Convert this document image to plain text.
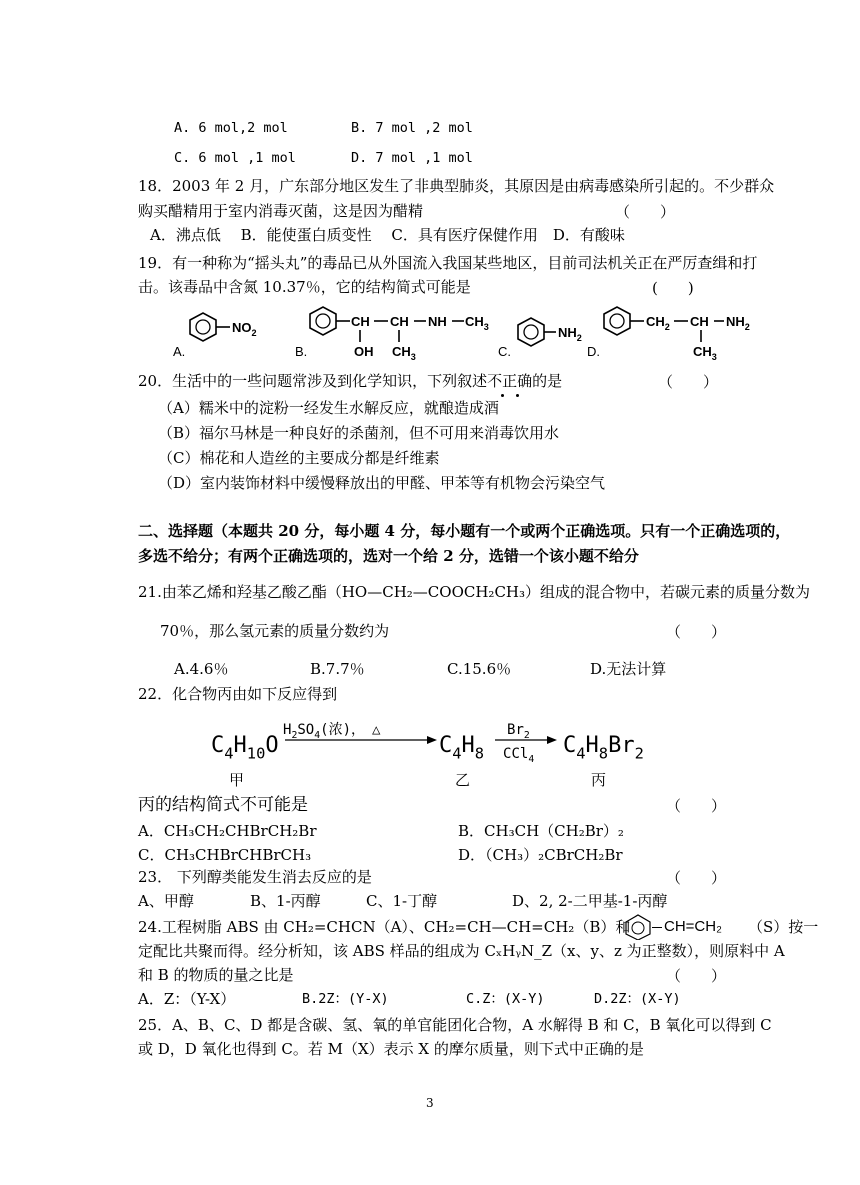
A. 6 mol,2 mol	B. 7 mol ,2 mol
C. 6 mol ,1 mol	D. 7 mol ,1 mol
18．2003 年 2 月，广东部分地区发生了非典型肺炎，其原因是由病毒感染所引起的。不少群众
购买醋精用于室内消毒灭菌，这是因为醋精	（　　）
A．沸点低　 B．能使蛋白质变性　 C．具有医疗保健作用　D．有酸味
19．有一种称为“摇头丸”的毒品已从外国流入我国某些地区，目前司法机关正在严厉查缉和打
击。该毒品中含氮 10.37％，它的结构简式可能是	(　　)
$NO_2$
A.
CH CH NH $CH_3$
OH $CH_3$
B.
$NH_2$
C.
$CH_2$ CH $NH_2$
$CH_3$
D.
20．生活中的一些问题常涉及到化学知识，下列叙述不正确的是	（　　）
（A）糯米中的淀粉一经发生水解反应，就酿造成酒
（B）福尔马林是一种良好的杀菌剂，但不可用来消毒饮用水
（C）棉花和人造丝的主要成分都是纤维素
（D）室内装饰材料中缓慢释放出的甲醛、甲苯等有机物会污染空气
二、选择题（本题共 20 分，每小题 4 分，每小题有一个或两个正确选项。只有一个正确选项的，
多选不给分；有两个正确选项的，选对一个给 2 分，选错一个该小题不给分
21.由苯乙烯和羟基乙酸乙酯（HO—CH₂—COOCH₂CH₃）组成的混合物中，若碳元素的质量分数为
70％，那么氢元素的质量分数约为	（　　）
A.4.6％	B.7.7％	C.15.6％	D.无法计算
22．化合物丙由如下反应得到
$C_4H_10O$
$H_2SO_4$(浓)，　 △
$C_4H_8$
$Br_2$
CCl$_4$
$C_4H_8Br_2$
甲	乙	丙
丙的结构简式不可能是	（　　）
A．CH₃CH₂CHBrCH₂Br	B．CH₃CH（CH₂Br）₂
C．CH₃CHBrCHBrCH₃	D．（CH₃）₂CBrCH₂Br
23． 下列醇类能发生消去反应的是	（　　）
A、甲醇	B、1-丙醇	C、1-丁醇	D、2, 2-二甲基-1-丙醇
24.工程树脂 ABS 由 CH₂=CHCN（A）、CH₂=CH—CH=CH₂（B）和	CH=CH₂ （S）按一
定配比共聚而得。经分析知，该 ABS 样品的组成为 CₓHᵧN_Z（x、y、z 为正整数），则原料中 A
和 B 的物质的量之比是	（　　）
A．Z：（Y-X）	B.2Z：(Y-X)	C.Z：(X-Y)	D.2Z：(X-Y)
25．A、B、C、D 都是含碳、氢、氧的单官能团化合物，A 水解得 B 和 C，B 氧化可以得到 C
或 D，D 氧化也得到 C。若 M（X）表示 X 的摩尔质量，则下式中正确的是
3
